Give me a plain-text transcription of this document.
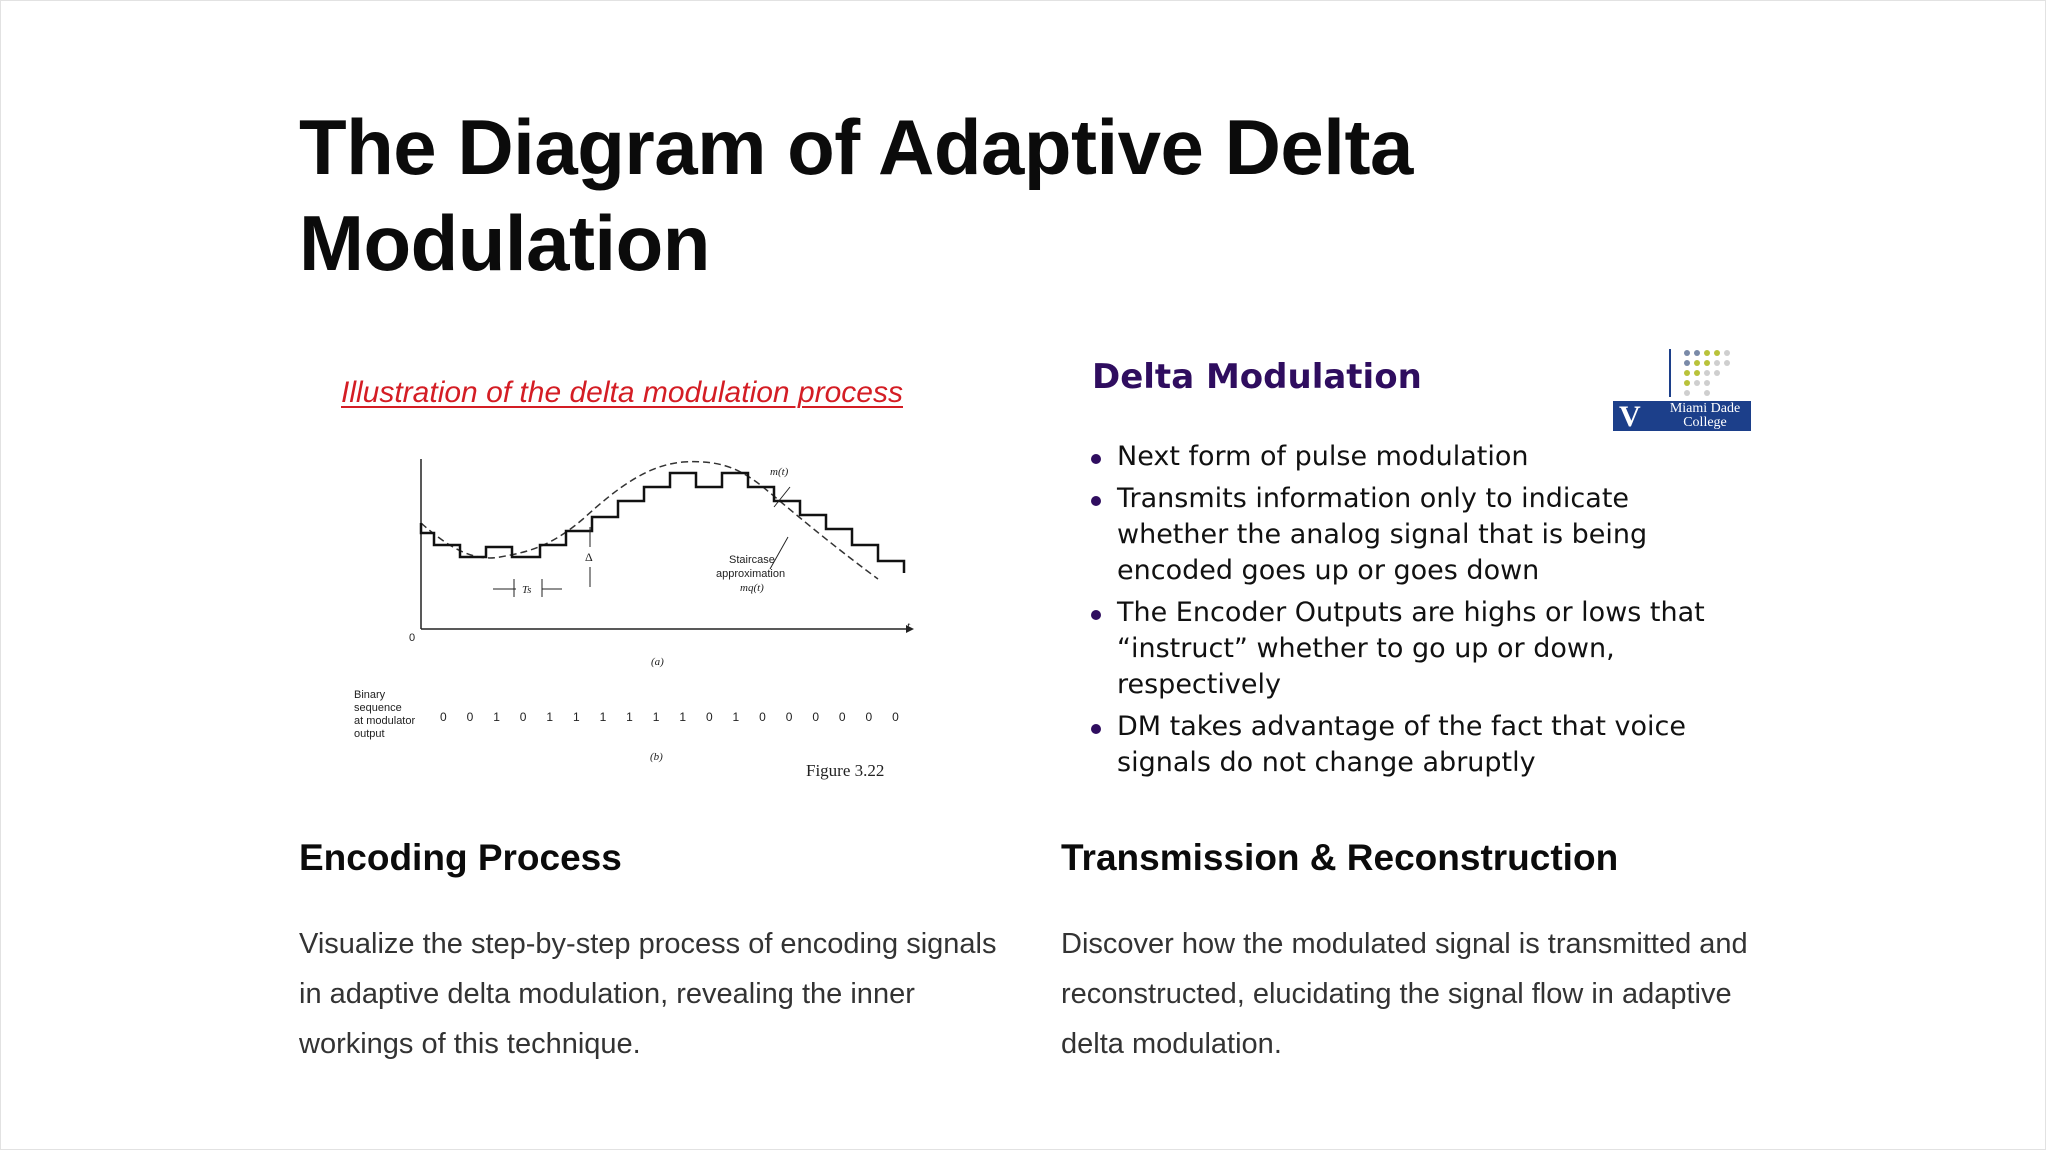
The Diagram of Adaptive Delta Modulation

Illustration of the delta modulation process

m(t)
Staircase
approximation
mq(t)
Δ
Ts
0
t
(a)
(b)
Binary
sequence
at modulator
output
0	0	1	0	1	1	1	1	1	1	0	1	0	0	0	0	0	0
Figure 3.22
Delta Modulation
V	Miami Dade
College
Next form of pulse modulation
Transmits information only to indicate whether the analog signal that is being encoded goes up or goes down
The Encoder Outputs are highs or lows that “instruct” whether to go up or down, respectively
DM takes advantage of the fact that voice signals do not change abruptly
Encoding Process

Visualize the step-by-step process of encoding signals in adaptive delta modulation, revealing the inner workings of this technique.

Transmission & Reconstruction

Discover how the modulated signal is transmitted and reconstructed, elucidating the signal flow in adaptive delta modulation.
